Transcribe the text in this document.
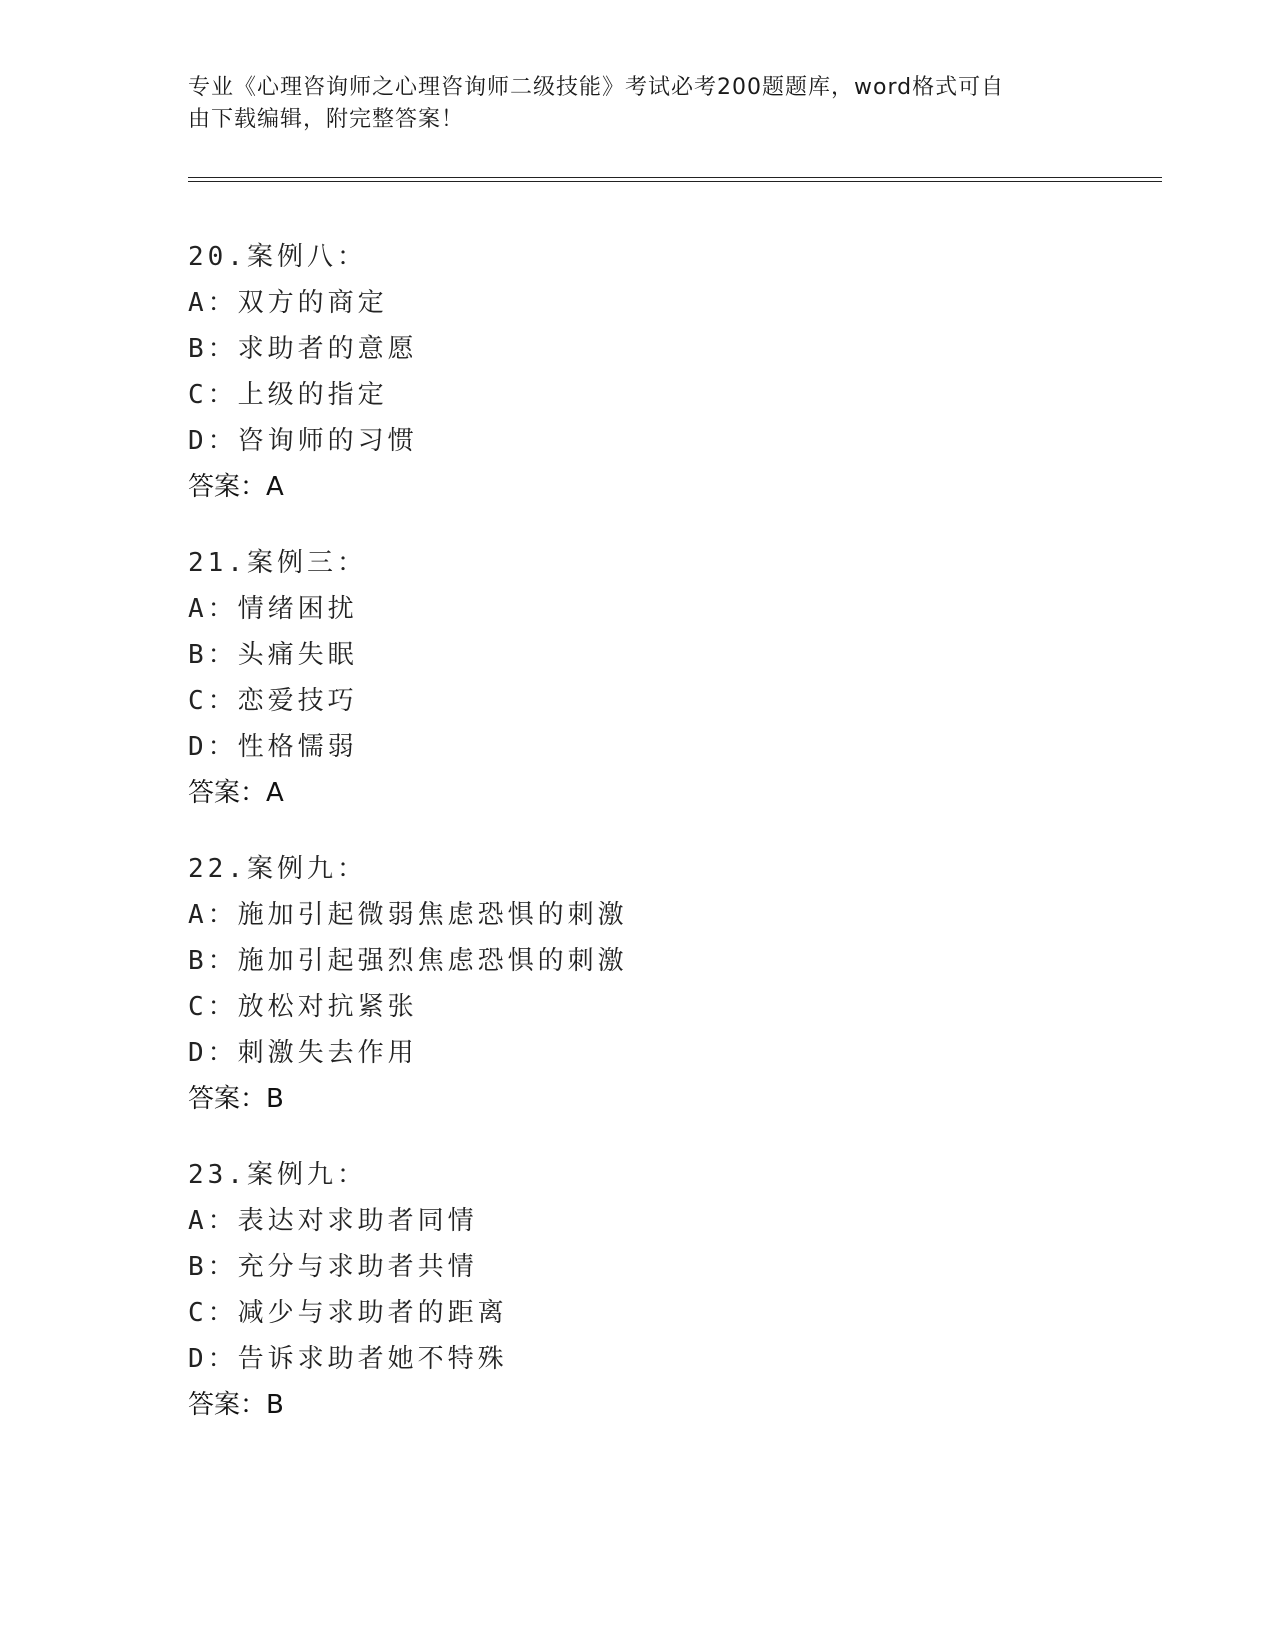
专业《心理咨询师之心理咨询师二级技能》考试必考200题题库，word格式可自
由下载编辑，附完整答案！
20.案例八：
A：双方的商定
B：求助者的意愿
C：上级的指定
D：咨询师的习惯
答案：A
21.案例三：
A：情绪困扰
B：头痛失眠
C：恋爱技巧
D：性格懦弱
答案：A
22.案例九：
A：施加引起微弱焦虑恐惧的刺激
B：施加引起强烈焦虑恐惧的刺激
C：放松对抗紧张
D：刺激失去作用
答案：B
23.案例九：
A：表达对求助者同情
B：充分与求助者共情
C：减少与求助者的距离
D：告诉求助者她不特殊
答案：B
